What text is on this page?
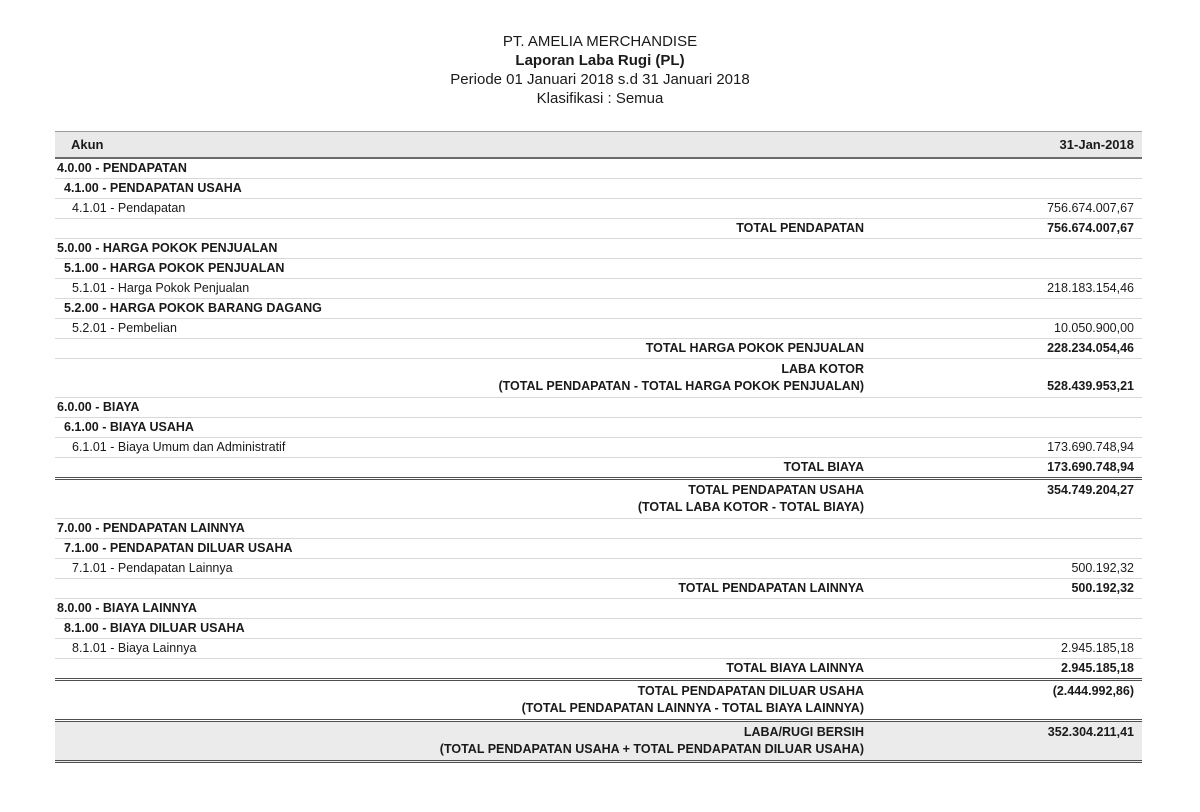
PT. AMELIA MERCHANDISE
Laporan Laba Rugi (PL)
Periode 01 Januari 2018 s.d 31 Januari 2018
Klasifikasi : Semua
Akun	31-Jan-2018
4.0.00 - PENDAPATAN	
4.1.00 - PENDAPATAN USAHA	
4.1.01 - Pendapatan	756.674.007,67
TOTAL PENDAPATAN	756.674.007,67
5.0.00 - HARGA POKOK PENJUALAN	
5.1.00 - HARGA POKOK PENJUALAN	
5.1.01 - Harga Pokok Penjualan	218.183.154,46
5.2.00 - HARGA POKOK BARANG DAGANG	
5.2.01 - Pembelian	10.050.900,00
TOTAL HARGA POKOK PENJUALAN	228.234.054,46

LABA KOTOR
(TOTAL PENDAPATAN - TOTAL HARGA POKOK PENJUALAN)	528.439.953,21
6.0.00 - BIAYA	
6.1.00 - BIAYA USAHA	
6.1.01 - Biaya Umum dan Administratif	173.690.748,94
TOTAL BIAYA	173.690.748,94

TOTAL PENDAPATAN USAHA
(TOTAL LABA KOTOR - TOTAL BIAYA)	354.749.204,27
7.0.00 - PENDAPATAN LAINNYA	
7.1.00 - PENDAPATAN DILUAR USAHA	
7.1.01 - Pendapatan Lainnya	500.192,32
TOTAL PENDAPATAN LAINNYA	500.192,32
8.0.00 - BIAYA LAINNYA	
8.1.00 - BIAYA DILUAR USAHA	
8.1.01 - Biaya Lainnya	2.945.185,18
TOTAL BIAYA LAINNYA	2.945.185,18

TOTAL PENDAPATAN DILUAR USAHA
(TOTAL PENDAPATAN LAINNYA - TOTAL BIAYA LAINNYA)	(2.444.992,86)

LABA/RUGI BERSIH
(TOTAL PENDAPATAN USAHA + TOTAL PENDAPATAN DILUAR USAHA)	352.304.211,41
